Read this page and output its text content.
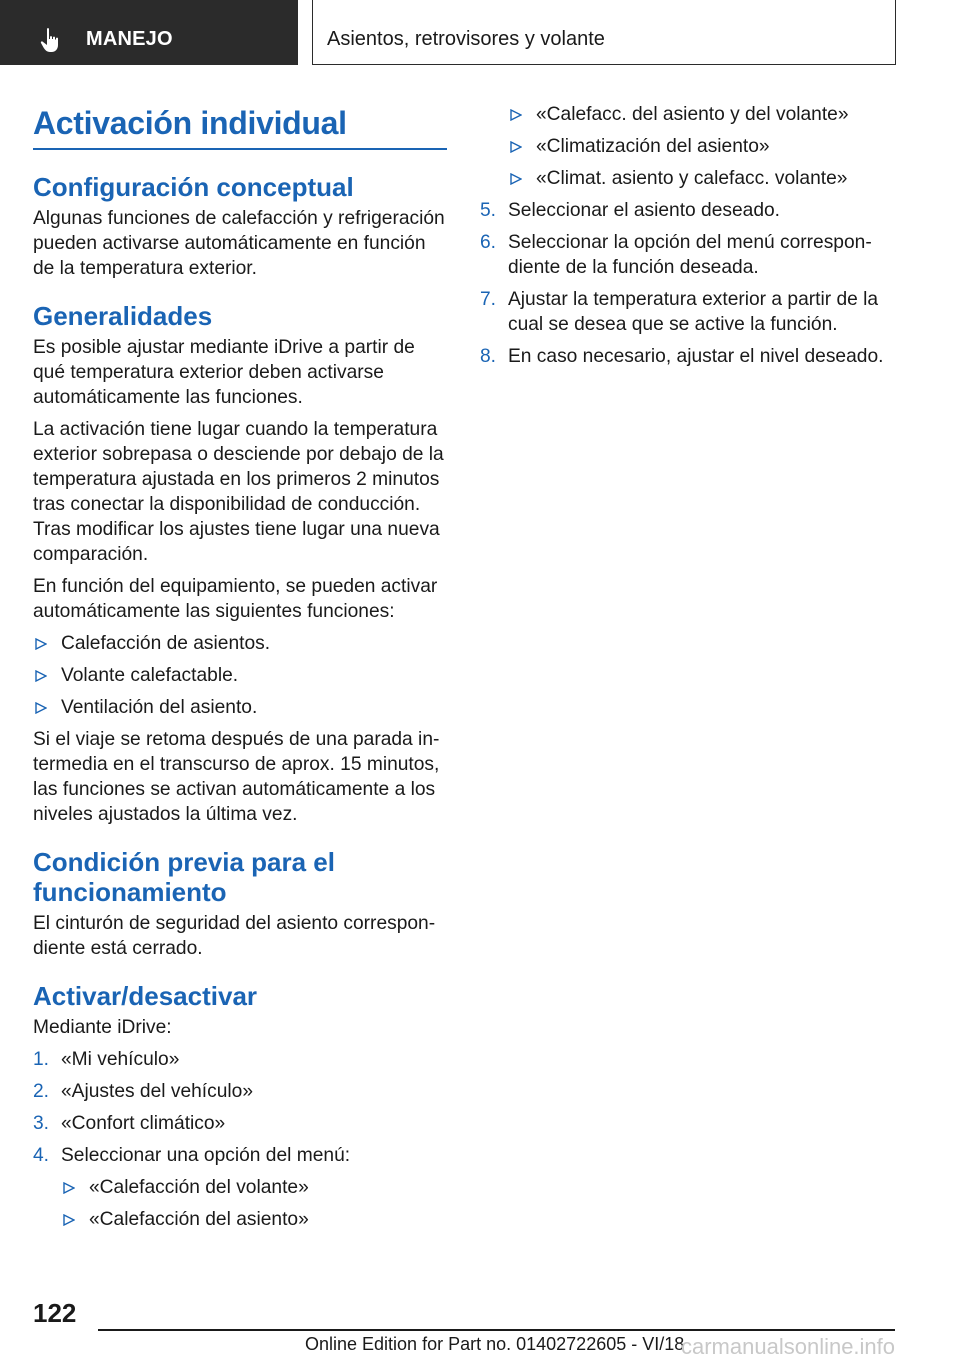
MANEJO	Asientos, retrovisores y volante
Activación individual
Configuración conceptual

Algunas funciones de calefacción y refrigeración pueden activarse automáticamente en función de la temperatura exterior.

Generalidades

Es posible ajustar mediante iDrive a partir de qué temperatura exterior deben activarse automáticamente las funciones.

La activación tiene lugar cuando la temperatura exterior sobrepasa o desciende por debajo de la temperatura ajustada en los primeros 2 minutos tras conectar la disponibilidad de conducción. Tras modificar los ajustes tiene lugar una nueva comparación.

En función del equipamiento, se pueden activar automáticamente las siguientes funciones:

Calefacción de asientos.
Volante calefactable.
Ventilación del asiento.

Si el viaje se retoma después de una parada intermedia en el transcurso de aprox. 15 minutos, las funciones se activan automáticamente a los niveles ajustados la última vez.

Condición previa para el funcionamiento

El cinturón de seguridad del asiento correspondiente está cerrado.

Activar/desactivar

Mediante iDrive:

1. «Mi vehículo»
2. «Ajustes del vehículo»
3. «Confort climático»
4. Seleccionar una opción del menú:
«Calefacción del volante»
«Calefacción del asiento»
«Calefacc. del asiento y del volante»
«Climatización del asiento»
«Climat. asiento y calefacc. volante»
5. Seleccionar el asiento deseado.
6. Seleccionar la opción del menú correspondiente de la función deseada.
7. Ajustar la temperatura exterior a partir de la cual se desea que se active la función.
8. En caso necesario, ajustar el nivel deseado.
122
Online Edition for Part no. 01402722605 - VI/18
carmanualsonline.info
